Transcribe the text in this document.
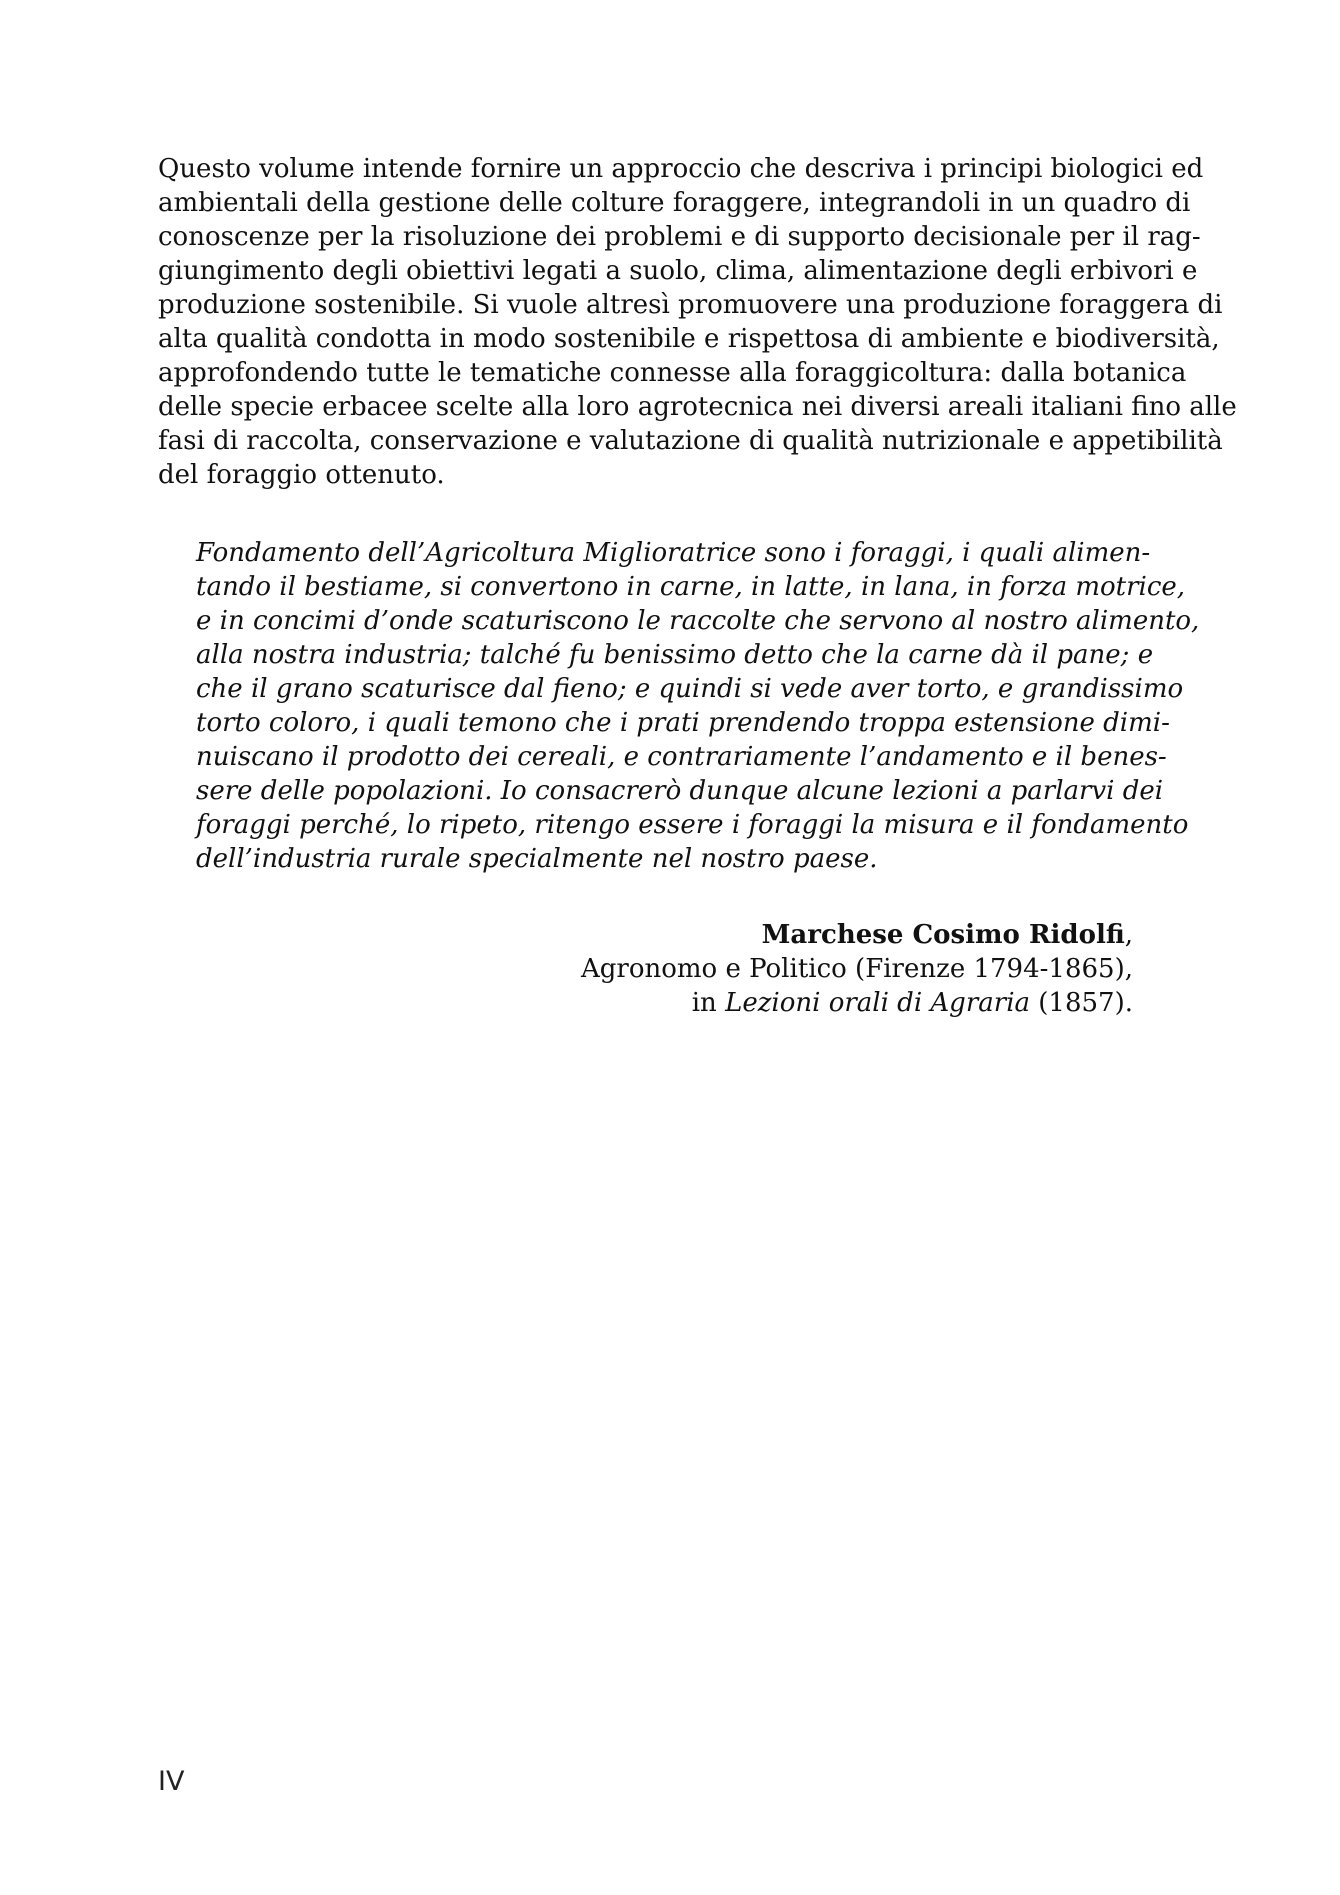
Questo volume intende fornire un approccio che descriva i principi biologici ed
ambientali della gestione delle colture foraggere, integrandoli in un quadro di
conoscenze per la risoluzione dei problemi e di supporto decisionale per il rag-
giungimento degli obiettivi legati a suolo, clima, alimentazione degli erbivori e
produzione sostenibile. Si vuole altresì promuovere una produzione foraggera di
alta qualità condotta in modo sostenibile e rispettosa di ambiente e biodiversità,
approfondendo tutte le tematiche connesse alla foraggicoltura: dalla botanica
delle specie erbacee scelte alla loro agrotecnica nei diversi areali italiani fino alle
fasi di raccolta, conservazione e valutazione di qualità nutrizionale e appetibilità
del foraggio ottenuto.
Fondamento dell’Agricoltura Miglioratrice sono i foraggi, i quali alimen-
tando il bestiame, si convertono in carne, in latte, in lana, in forza motrice,
e in concimi d’onde scaturiscono le raccolte che servono al nostro alimento,
alla nostra industria; talché fu benissimo detto che la carne dà il pane; e
che il grano scaturisce dal fieno; e quindi si vede aver torto, e grandissimo
torto coloro, i quali temono che i prati prendendo troppa estensione dimi-
nuiscano il prodotto dei cereali, e contrariamente l’andamento e il benes-
sere delle popolazioni. Io consacrerò dunque alcune lezioni a parlarvi dei
foraggi perché, lo ripeto, ritengo essere i foraggi la misura e il fondamento
dell’industria rurale specialmente nel nostro paese.
Marchese Cosimo Ridolfi,
Agronomo e Politico (Firenze 1794-1865),
in Lezioni orali di Agraria (1857).
IV
